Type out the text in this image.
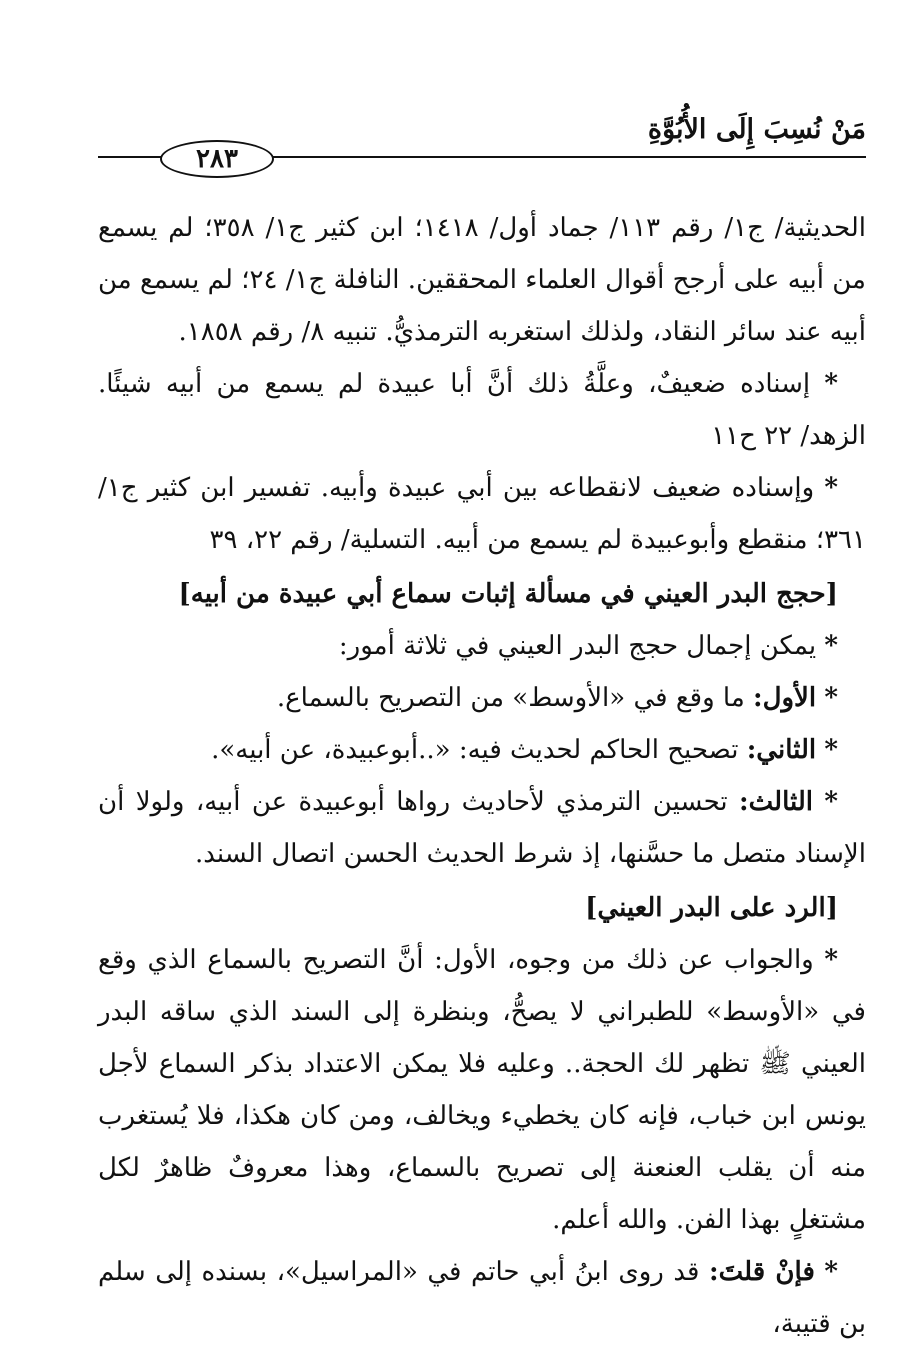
مَنْ نُسِبَ إِلَى الأُبُوَّةِ
٢٨٣

الحديثية/ ج١/ رقم ١١٣/ جماد أول/ ١٤١٨؛ ابن كثير ج١/ ٣٥٨؛ لم يسمع من أبيه على أرجح أقوال العلماء المحققين. النافلة ج١/ ٢٤؛ لم يسمع من أبيه عند سائر النقاد، ولذلك استغربه الترمذيُّ. تنبيه ٨/ رقم ١٨٥٨.

* إسناده ضعيفٌ، وعلَّةُ ذلك أنَّ أبا عبيدة لم يسمع من أبيه شيئًا. الزهد/ ٢٢ ح١١

* وإسناده ضعيف لانقطاعه بين أبي عبيدة وأبيه. تفسير ابن كثير ج١/ ٣٦١؛ منقطع وأبوعبيدة لم يسمع من أبيه. التسلية/ رقم ٢٢، ٣٩

[حجج البدر العيني في مسألة إثبات سماع أبي عبيدة من أبيه]

* يمكن إجمال حجج البدر العيني في ثلاثة أمور:

* الأول: ما وقع في «الأوسط» من التصريح بالسماع.

* الثاني: تصحيح الحاكم لحديث فيه: «..أبوعبيدة، عن أبيه».

* الثالث: تحسين الترمذي لأحاديث رواها أبوعبيدة عن أبيه، ولولا أن الإسناد متصل ما حسَّنها، إذ شرط الحديث الحسن اتصال السند.

[الرد على البدر العيني]

* والجواب عن ذلك من وجوه، الأول: أنَّ التصريح بالسماع الذي وقع في «الأوسط» للطبراني لا يصحُّ، وبنظرة إلى السند الذي ساقه البدر العيني ﷺ تظهر لك الحجة.. وعليه فلا يمكن الاعتداد بذكر السماع لأجل يونس ابن خباب، فإنه كان يخطيء ويخالف، ومن كان هكذا، فلا يُستغرب منه أن يقلب العنعنة إلى تصريح بالسماع، وهذا معروفٌ ظاهرٌ لكل مشتغلٍ بهذا الفن. والله أعلم.

* فإنْ قلتَ: قد روى ابنُ أبي حاتم في «المراسيل»، بسنده إلى سلم بن قتيبة،
